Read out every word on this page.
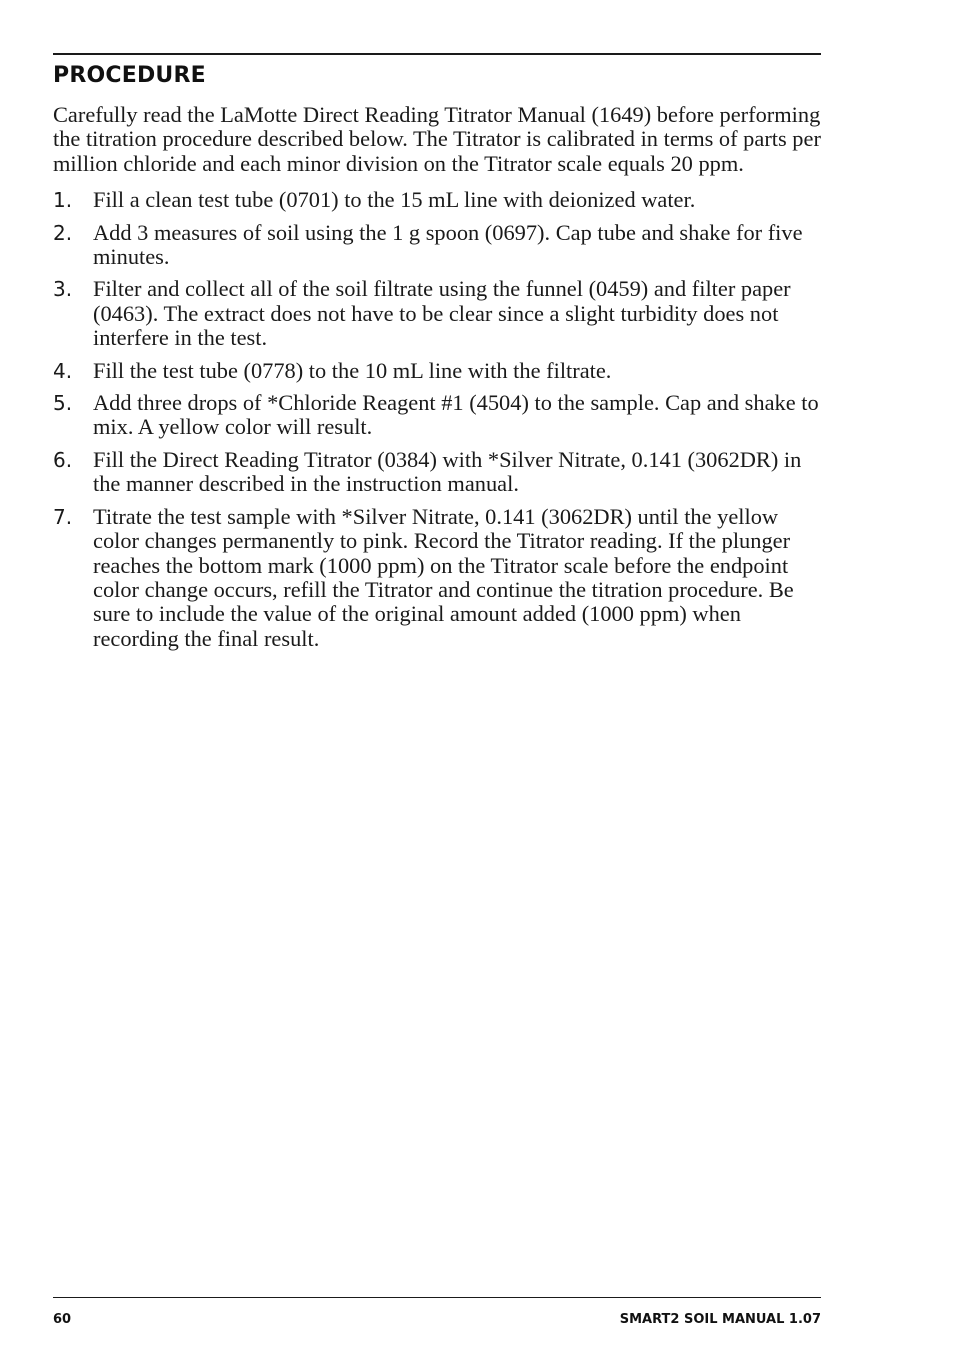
PROCEDURE

Carefully read the LaMotte Direct Reading Titrator Manual (1649) before performing the titration procedure described below. The Titrator is calibrated in terms of parts per million chloride and each minor division on the Titrator scale equals 20 ppm.

1. Fill a clean test tube (0701) to the 15 mL line with deionized water.
2. Add 3 measures of soil using the 1 g spoon (0697). Cap tube and shake for five minutes.
3. Filter and collect all of the soil filtrate using the funnel (0459) and filter paper (0463). The extract does not have to be clear since a slight turbidity does not interfere in the test.
4. Fill the test tube (0778) to the 10 mL line with the filtrate.
5. Add three drops of *Chloride Reagent #1 (4504) to the sample. Cap and shake to mix. A yellow color will result.
6. Fill the Direct Reading Titrator (0384) with *Silver Nitrate, 0.141 (3062DR) in the manner described in the instruction manual.
7. Titrate the test sample with *Silver Nitrate, 0.141 (3062DR) until the yellow color changes permanently to pink. Record the Titrator reading. If the plunger reaches the bottom mark (1000 ppm) on the Titrator scale before the endpoint color change occurs, refill the Titrator and continue the titration procedure. Be sure to include the value of the original amount added (1000 ppm) when recording the final result.
60	SMART2 SOIL MANUAL 1.07
